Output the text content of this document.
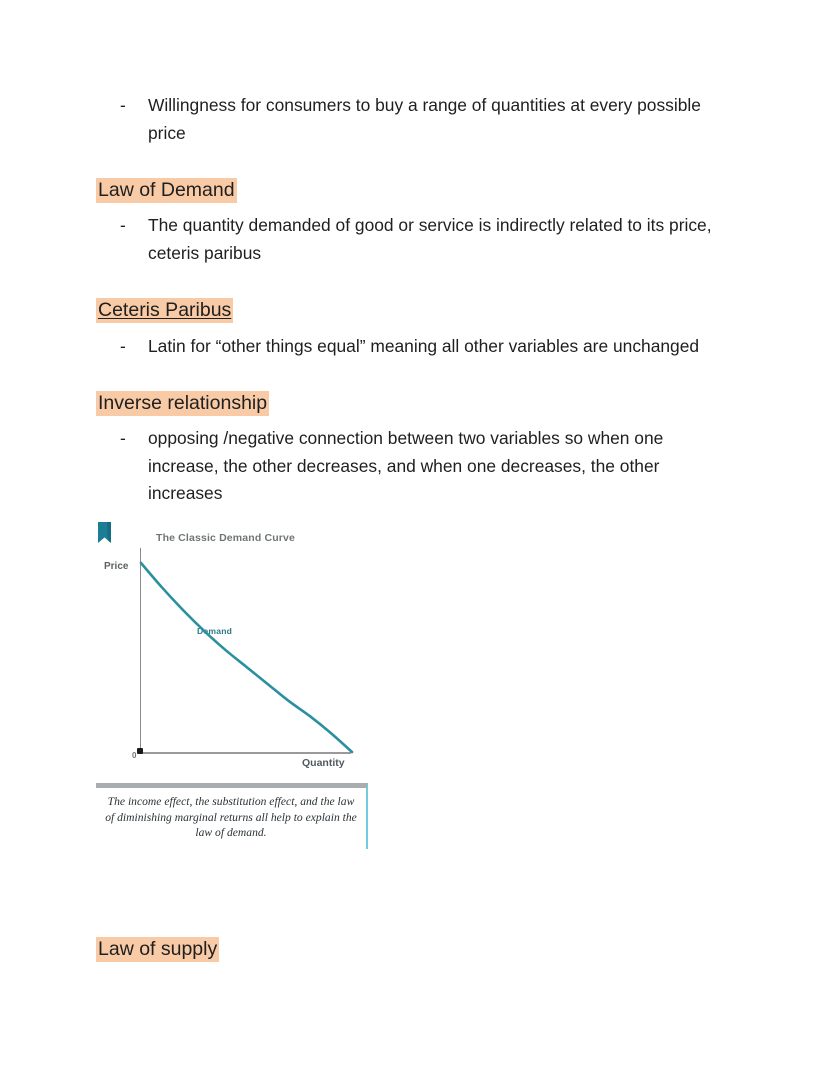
- Willingness for consumers to buy a range of quantities at every possible price

Law of Demand

- The quantity demanded of good or service is indirectly related to its price, ceteris paribus

Ceteris Paribus

- Latin for “other things equal” meaning all other variables are unchanged

Inverse relationship

- opposing /negative connection between two variables so when one increase, the other decreases, and when one decreases, the other increases
The Classic Demand Curve
Price
0
Quantity
Demand

The income effect, the substitution effect, and the law of diminishing marginal returns all help to explain the law of demand.

Law of supply
